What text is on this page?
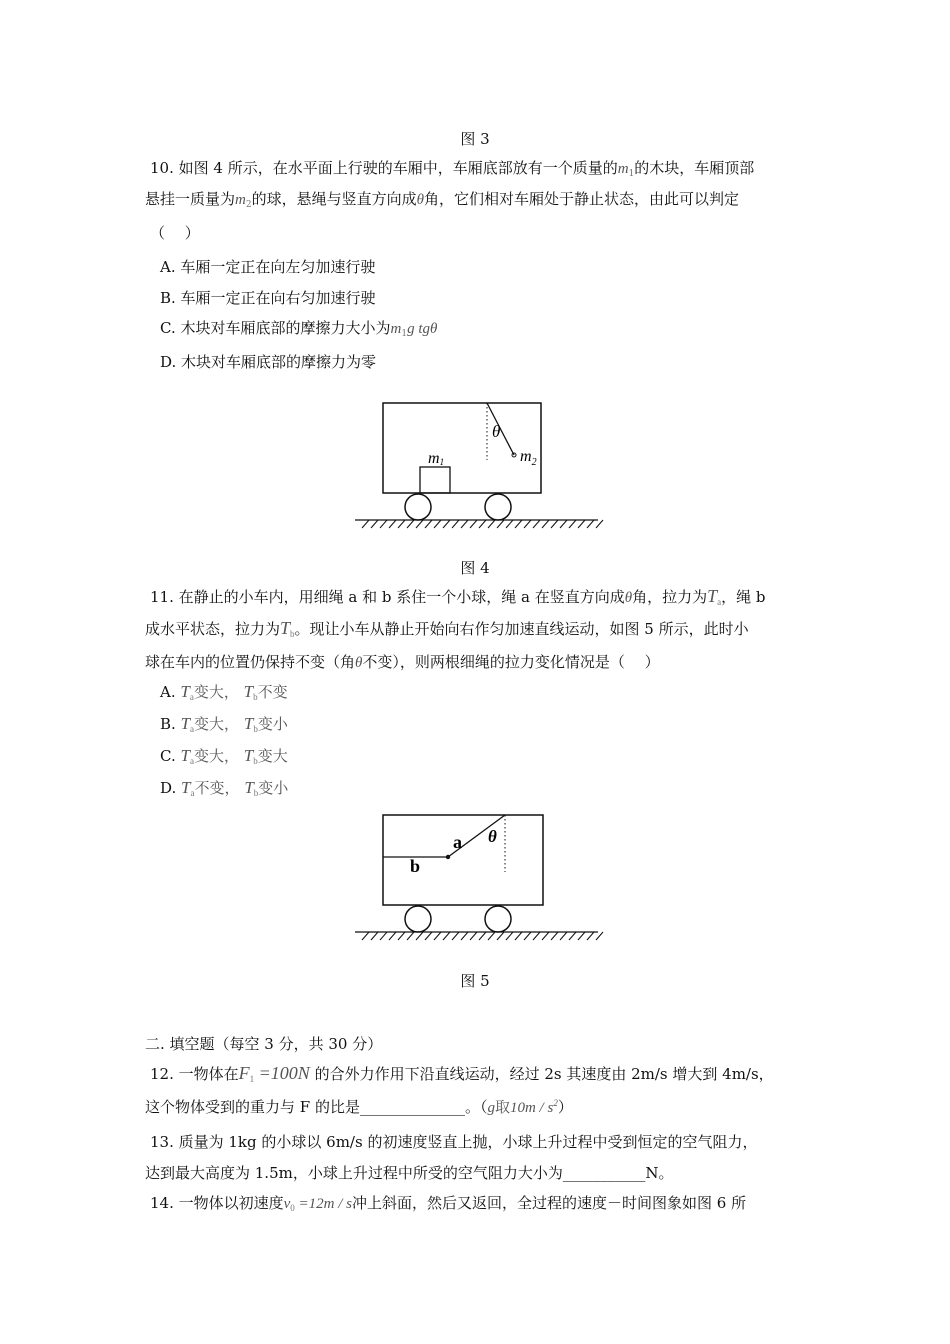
图 3
10. 如图 4 所示，在水平面上行驶的车厢中，车厢底部放有一个质量的$m_1$的木块，车厢顶部
悬挂一质量为$m_2$的球，悬绳与竖直方向成θ角，它们相对车厢处于静止状态，由此可以判定
（　 ）
A. 车厢一定正在向左匀加速行驶
B. 车厢一定正在向右匀加速行驶
C. 木块对车厢底部的摩擦力大小为$m_1g$ tgθ
D. 木块对车厢底部的摩擦力为零
θ
m1	$m_2$
图 4
11. 在静止的小车内，用细绳 a 和 b 系住一个小球，绳 a 在竖直方向成θ角，拉力为$T_a$，绳 b
成水平状态，拉力为$T_b$。现让小车从静止开始向右作匀加速直线运动，如图 5 所示，此时小
球在车内的位置仍保持不变（角θ不变），则两根细绳的拉力变化情况是（　 ）
A. $T_a$变大， $T_b$不变
B. $T_a$变大， $T_b$变小
C. $T_a$变大， $T_b$变大
D. $T_a$不变， $T_b$变小
a
b
θ
图 5
二. 填空题（每空 3 分，共 30 分）
12. 一物体在$F_1 =100N$ 的合外力作用下沿直线运动，经过 2s 其速度由 2m/s 增大到 4m/s，
这个物体受到的重力与 F 的比是______________。（g取$10m / s^2$）
13. 质量为 1kg 的小球以 6m/s 的初速度竖直上抛，小球上升过程中受到恒定的空气阻力，
达到最大高度为 1.5m，小球上升过程中所受的空气阻力大小为___________N。
14. 一物体以初速度$v_0 =12m / s$冲上斜面，然后又返回，全过程的速度－时间图象如图 6 所
